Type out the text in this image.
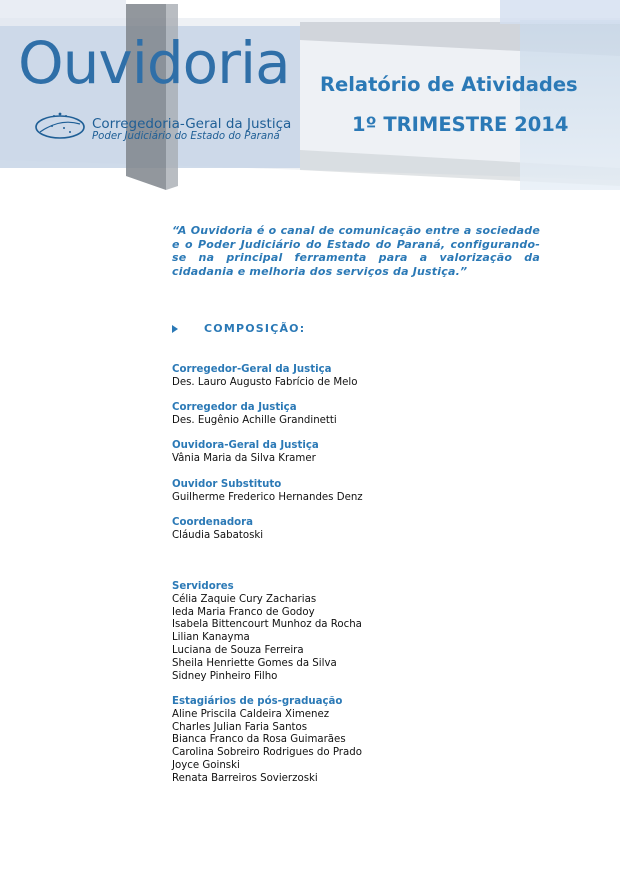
Ouvidoria
Corregedoria-Geral da Justiça
Poder Judiciário do Estado do Paraná
Relatório de Atividades
1º TRIMESTRE 2014
“A Ouvidoria é o canal de comunicação entre a sociedade e o Poder Judiciário do Estado do Paraná, configurando-se na principal ferramenta para a valorização da cidadania e melhoria dos serviços da Justiça.”
COMPOSIÇÃO:
Corregedor-Geral da Justiça
Des. Lauro Augusto Fabrício de Melo
Corregedor da Justiça
Des. Eugênio Achille Grandinetti
Ouvidora-Geral da Justiça
Vânia Maria da Silva Kramer
Ouvidor Substituto
Guilherme Frederico Hernandes Denz
Coordenadora
Cláudia Sabatoski
Servidores
Célia Zaquie Cury Zacharias
Ieda Maria Franco de Godoy
Isabela Bittencourt Munhoz da Rocha
Lilian Kanayma
Luciana de Souza Ferreira
Sheila Henriette Gomes da Silva
Sidney Pinheiro Filho
Estagiários de pós-graduação
Aline Priscila Caldeira Ximenez
Charles Julian Faria Santos
Bianca Franco da Rosa Guimarães
Carolina Sobreiro Rodrigues do Prado
Joyce Goinski
Renata Barreiros Sovierzoski
